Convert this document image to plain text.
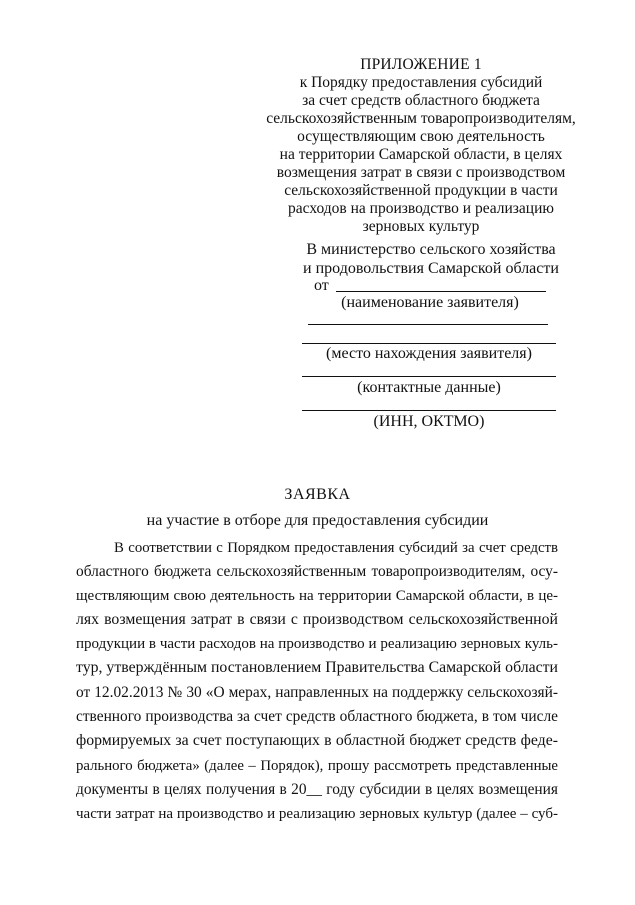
ПРИЛОЖЕНИЕ 1
к Порядку предоставления субсидий
за счет средств областного бюджета
сельскохозяйственным товаропроизводителям,
осуществляющим свою деятельность
на территории Самарской области, в целях
возмещения затрат в связи с производством
сельскохозяйственной продукции в части
расходов на производство и реализацию
зерновых культур
В министерство сельского хозяйства
и продовольствия Самарской области
от
(наименование заявителя)
(место нахождения заявителя)
(контактные данные)
(ИНН, ОКТМО)
ЗАЯВКА
на участие в отборе для предоставления субсидии
В соответствии с Порядком предоставления субсидий за счет средств
областного бюджета сельскохозяйственным товаропроизводителям, осу-
ществляющим свою деятельность на территории Самарской области, в це-
лях возмещения затрат в связи с производством сельскохозяйственной
продукции в части расходов на производство и реализацию зерновых куль-
тур, утверждённым постановлением Правительства Самарской области
от 12.02.2013 № 30 «О мерах, направленных на поддержку сельскохозяй-
ственного производства за счет средств областного бюджета, в том числе
формируемых за счет поступающих в областной бюджет средств феде-
рального бюджета» (далее – Порядок), прошу рассмотреть представленные
документы в целях получения в 20__ году субсидии в целях возмещения
части затрат на производство и реализацию зерновых культур (далее – суб-
